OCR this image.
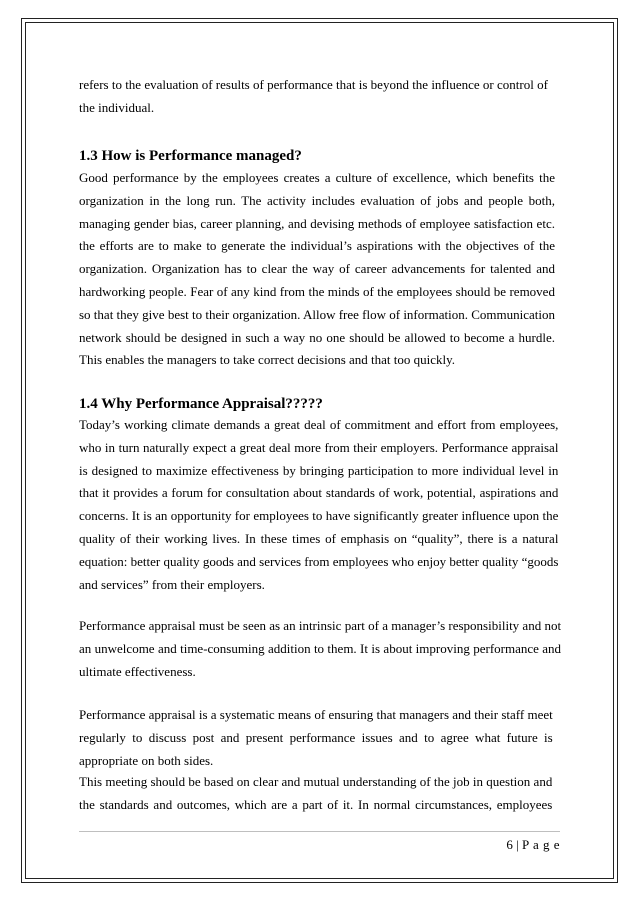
refers to the evaluation of results of performance that is beyond the influence or control of
the individual.
1.3 How is Performance managed?
Good performance by the employees creates a culture of excellence, which benefits the
organization in the long run. The activity includes evaluation of jobs and people both,
managing gender bias, career planning, and devising methods of employee satisfaction etc.
the efforts are to make to generate the individual’s aspirations with the objectives of the
organization. Organization has to clear the way of career advancements for talented and
hardworking people. Fear of any kind from the minds of the employees should be removed
so that they give best to their organization. Allow free flow of information. Communication
network should be designed in such a way no one should be allowed to become a hurdle.
This enables the managers to take correct decisions and that too quickly.
1.4 Why Performance Appraisal?????
Today’s working climate demands a great deal of commitment and effort from employees,
who in turn naturally expect a great deal more from their employers. Performance appraisal
is designed to maximize effectiveness by bringing participation to more individual level in
that it provides a forum for consultation about standards of work, potential, aspirations and
concerns. It is an opportunity for employees to have significantly greater influence upon the
quality of their working lives. In these times of emphasis on “quality”, there is a natural
equation: better quality goods and services from employees who enjoy better quality “goods
and services” from their employers.
Performance appraisal must be seen as an intrinsic part of a manager’s responsibility and not
an unwelcome and time-consuming addition to them. It is about improving performance and
ultimate effectiveness.
Performance appraisal is a systematic means of ensuring that managers and their staff meet
regularly to discuss post and present performance issues and to agree what future is
appropriate on both sides.
This meeting should be based on clear and mutual understanding of the job in question and
the standards and outcomes, which are a part of it. In normal circumstances, employees
6 | P a g e
